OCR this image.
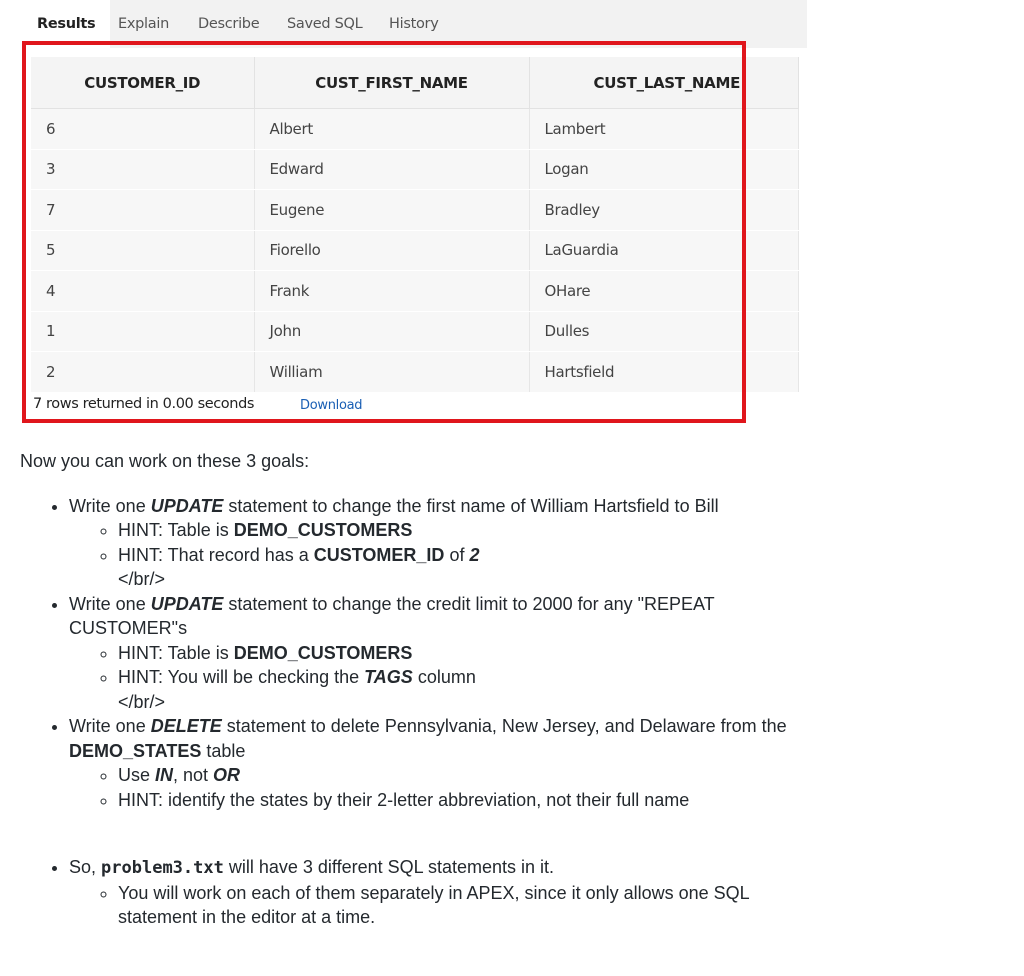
Results	Explain Describe Saved SQL History
CUSTOMER_ID	CUST_FIRST_NAME	CUST_LAST_NAME
6	Albert	Lambert
3	Edward	Logan
7	Eugene	Bradley
5	Fiorello	LaGuardia
4	Frank	OHare
1	John	Dulles
2	William	Hartsfield
7 rows returned in 0.00 seconds	Download

Now you can work on these 3 goals:

• Write one UPDATE statement to change the first name of William Hartsfield to Bill
◦ HINT: Table is DEMO_CUSTOMERS
◦ HINT: That record has a CUSTOMER_ID of 2
</br/>
• Write one UPDATE statement to change the credit limit to 2000 for any "REPEAT CUSTOMER"s
◦ HINT: Table is DEMO_CUSTOMERS
◦ HINT: You will be checking the TAGS column
</br/>
• Write one DELETE statement to delete Pennsylvania, New Jersey, and Delaware from the DEMO_STATES table
◦ Use IN, not OR
◦ HINT: identify the states by their 2-letter abbreviation, not their full name
• So, problem3.txt will have 3 different SQL statements in it.
◦ You will work on each of them separately in APEX, since it only allows one SQL statement in the editor at a time.
